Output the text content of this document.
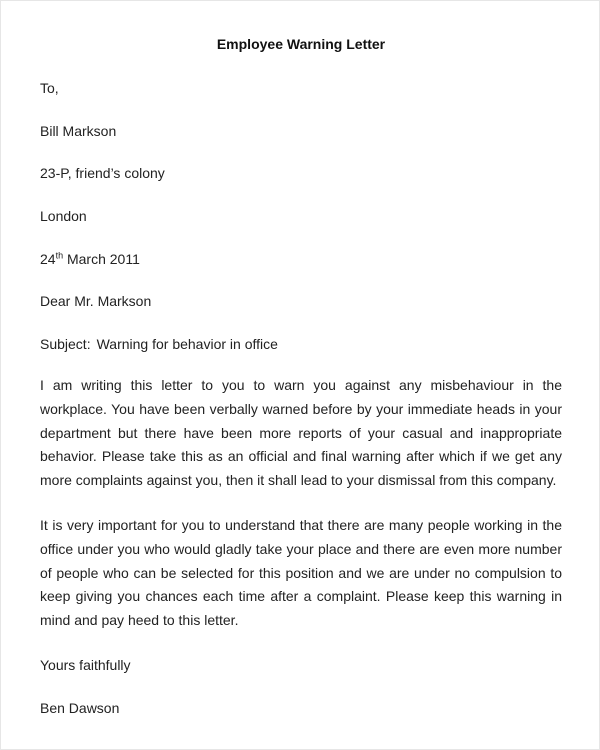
Employee Warning Letter
To,
Bill Markson
23-P, friend’s colony
London
24th March 2011
Dear Mr. Markson
Subject: Warning for behavior in office
I am writing this letter to you to warn you against any misbehaviour in the workplace. You have been verbally warned before by your immediate heads in your department but there have been more reports of your casual and inappropriate behavior. Please take this as an official and final warning after which if we get any more complaints against you, then it shall lead to your dismissal from this company.
It is very important for you to understand that there are many people working in the office under you who would gladly take your place and there are even more number of people who can be selected for this position and we are under no compulsion to keep giving you chances each time after a complaint. Please keep this warning in mind and pay heed to this letter.
Yours faithfully
Ben Dawson
